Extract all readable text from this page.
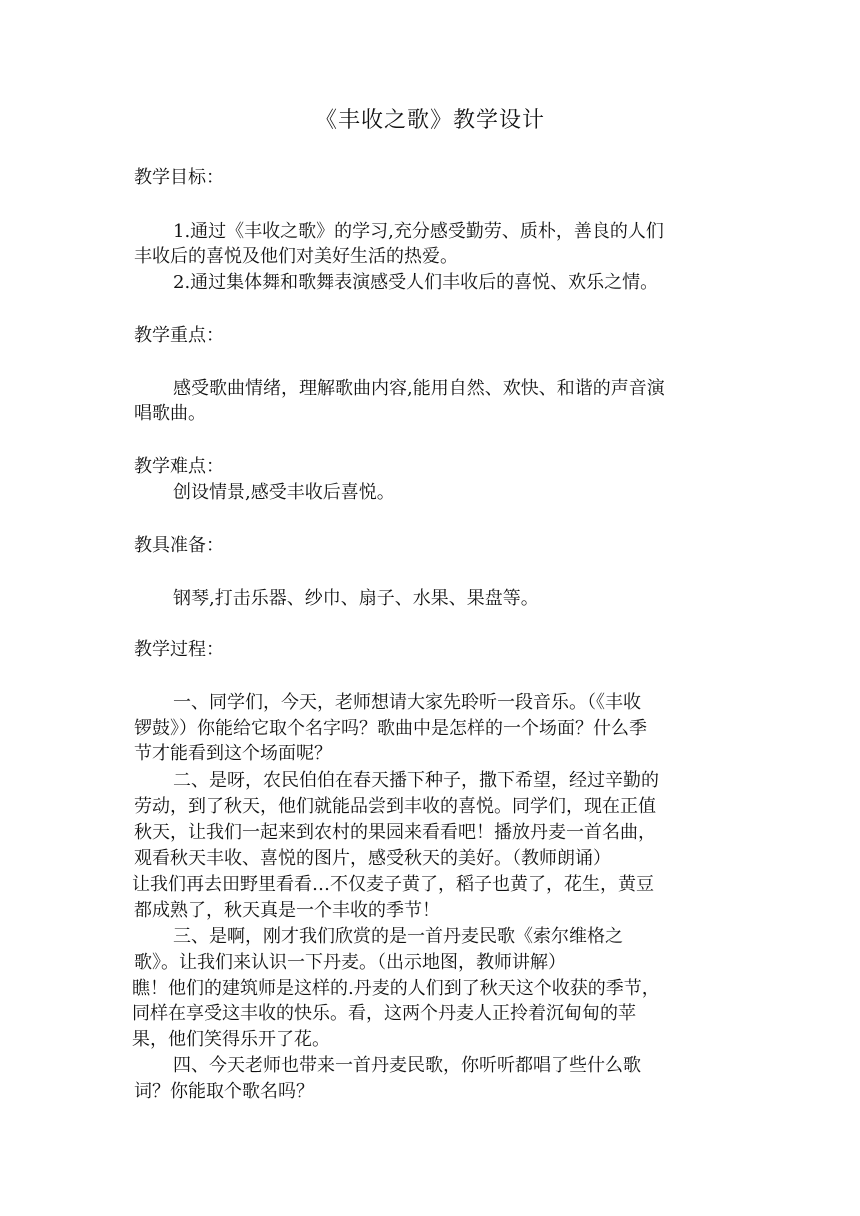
《丰收之歌》教学设计
教学目标：
1.通过《丰收之歌》的学习,充分感受勤劳、质朴，善良的人们
丰收后的喜悦及他们对美好生活的热爱。
2.通过集体舞和歌舞表演感受人们丰收后的喜悦、欢乐之情。
教学重点：
感受歌曲情绪，理解歌曲内容,能用自然、欢快、和谐的声音演
唱歌曲。
教学难点：
创设情景,感受丰收后喜悦。
教具准备：
钢琴,打击乐器、纱巾、扇子、水果、果盘等。
教学过程：
一、同学们，今天，老师想请大家先聆听一段音乐。（《丰收
锣鼓》）你能给它取个名字吗？歌曲中是怎样的一个场面？什么季
节才能看到这个场面呢？
二、是呀，农民伯伯在春天播下种子，撒下希望，经过辛勤的
劳动，到了秋天，他们就能品尝到丰收的喜悦。同学们，现在正值
秋天，让我们一起来到农村的果园来看看吧！播放丹麦一首名曲，
观看秋天丰收、喜悦的图片，感受秋天的美好。（教师朗诵）
让我们再去田野里看看…不仅麦子黄了，稻子也黄了，花生，黄豆
都成熟了，秋天真是一个丰收的季节！
三、是啊，刚才我们欣赏的是一首丹麦民歌《索尔维格之
歌》。让我们来认识一下丹麦。（出示地图，教师讲解）
瞧！他们的建筑师是这样的.丹麦的人们到了秋天这个收获的季节，
同样在享受这丰收的快乐。看，这两个丹麦人正拎着沉甸甸的苹
果，他们笑得乐开了花。
四、今天老师也带来一首丹麦民歌，你听听都唱了些什么歌
词？你能取个歌名吗？
